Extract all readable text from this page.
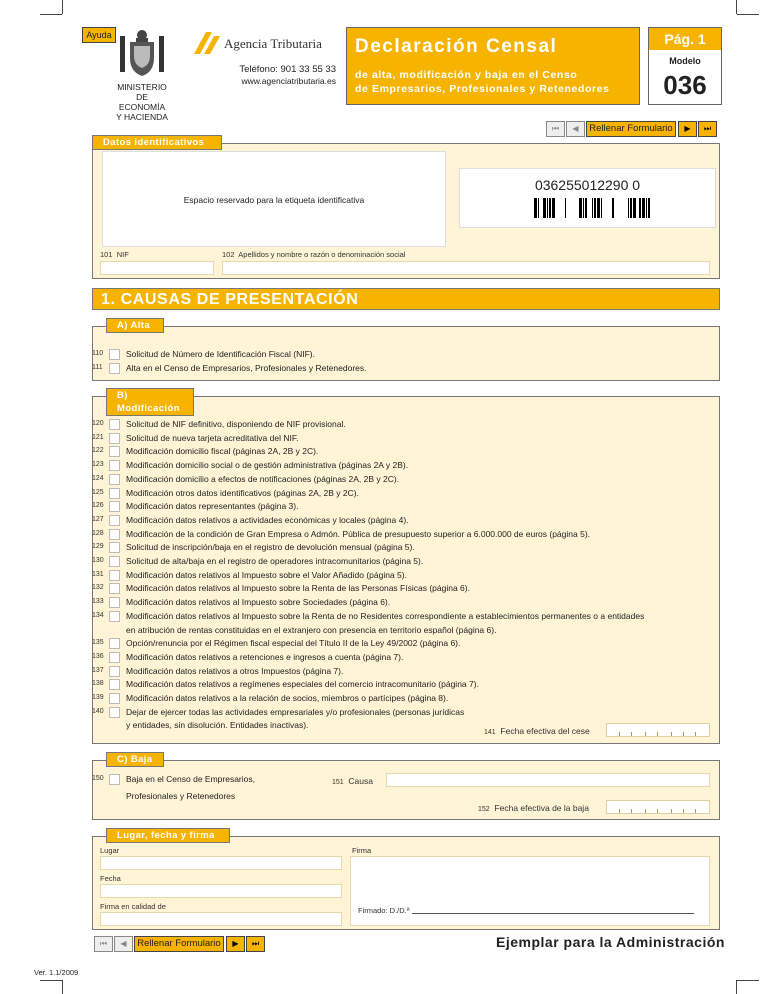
Ayuda
MINISTERIO
DE ECONOMÍA
Y HACIENDA
Agencia Tributaria
Teléfono: 901 33 55 33
www.agenciatributaria.es
Declaración Censal
de alta, modificación y baja en el Censo
de Empresarios, Profesionales y Retenedores
Pág. 1
Modelo
036
⏮	◀	Rellenar Formulario	▶	⏭
Datos identificativos
Espacio reservado para la etiqueta identificativa
036255012290 0
101 NIF	102 Apellidos y nombre o razón o denominación social
1. CAUSAS DE PRESENTACIÓN
A) Alta
110	Solicitud de Número de Identificación Fiscal (NIF).
111	Alta en el Censo de Empresarios, Profesionales y Retenedores.
B) Modificación
120	Solicitud de NIF definitivo, disponiendo de NIF provisional.
121	Solicitud de nueva tarjeta acreditativa del NIF.
122	Modificación domicilio fiscal (páginas 2A, 2B y 2C).
123	Modificación domicilio social o de gestión administrativa (páginas 2A y 2B).
124	Modificación domicilio a efectos de notificaciones (páginas 2A, 2B y 2C).
125	Modificación otros datos identificativos (páginas 2A, 2B y 2C).
126	Modificación datos representantes (página 3).
127	Modificación datos relativos a actividades económicas y locales (página 4).
128	Modificación de la condición de Gran Empresa o Admón. Pública de presupuesto superior a 6.000.000 de euros (página 5).
129	Solicitud de inscripción/baja en el registro de devolución mensual (página 5).
130	Solicitud de alta/baja en el registro de operadores intracomunitarios (página 5).
131	Modificación datos relativos al Impuesto sobre el Valor Añadido (página 5).
132	Modificación datos relativos al Impuesto sobre la Renta de las Personas Físicas (página 6).
133	Modificación datos relativos al Impuesto sobre Sociedades (página 6).
134	Modificación datos relativos al Impuesto sobre la Renta de no Residentes correspondiente a establecimientos permanentes o a entidades
en atribución de rentas constituidas en el extranjero con presencia en territorio español (página 6).
135	Opción/renuncia por el Régimen fiscal especial del Título II de la Ley 49/2002 (página 6).
136	Modificación datos relativos a retenciones e ingresos a cuenta (página 7).
137	Modificación datos relativos a otros Impuestos (página 7).
138	Modificación datos relativos a regímenes especiales del comercio intracomunitario (página 7).
139	Modificación datos relativos a la relación de socios, miembros o partícipes (página 8).
140	Dejar de ejercer todas las actividades empresariales y/o profesionales (personas jurídicas
y entidades, sin disolución. Entidades inactivas).
141 Fecha efectiva del cese
C) Baja
150	Baja en el Censo de Empresarios,
Profesionales y Retenedores
151 Causa
152 Fecha efectiva de la baja
Lugar, fecha y firma
Lugar
Fecha
Firma en calidad de
Firma
Firmado: D./D.ª
⏮	◀	Rellenar Formulario	▶	⏭	Ejemplar para la Administración
Ver. 1.1/2009
